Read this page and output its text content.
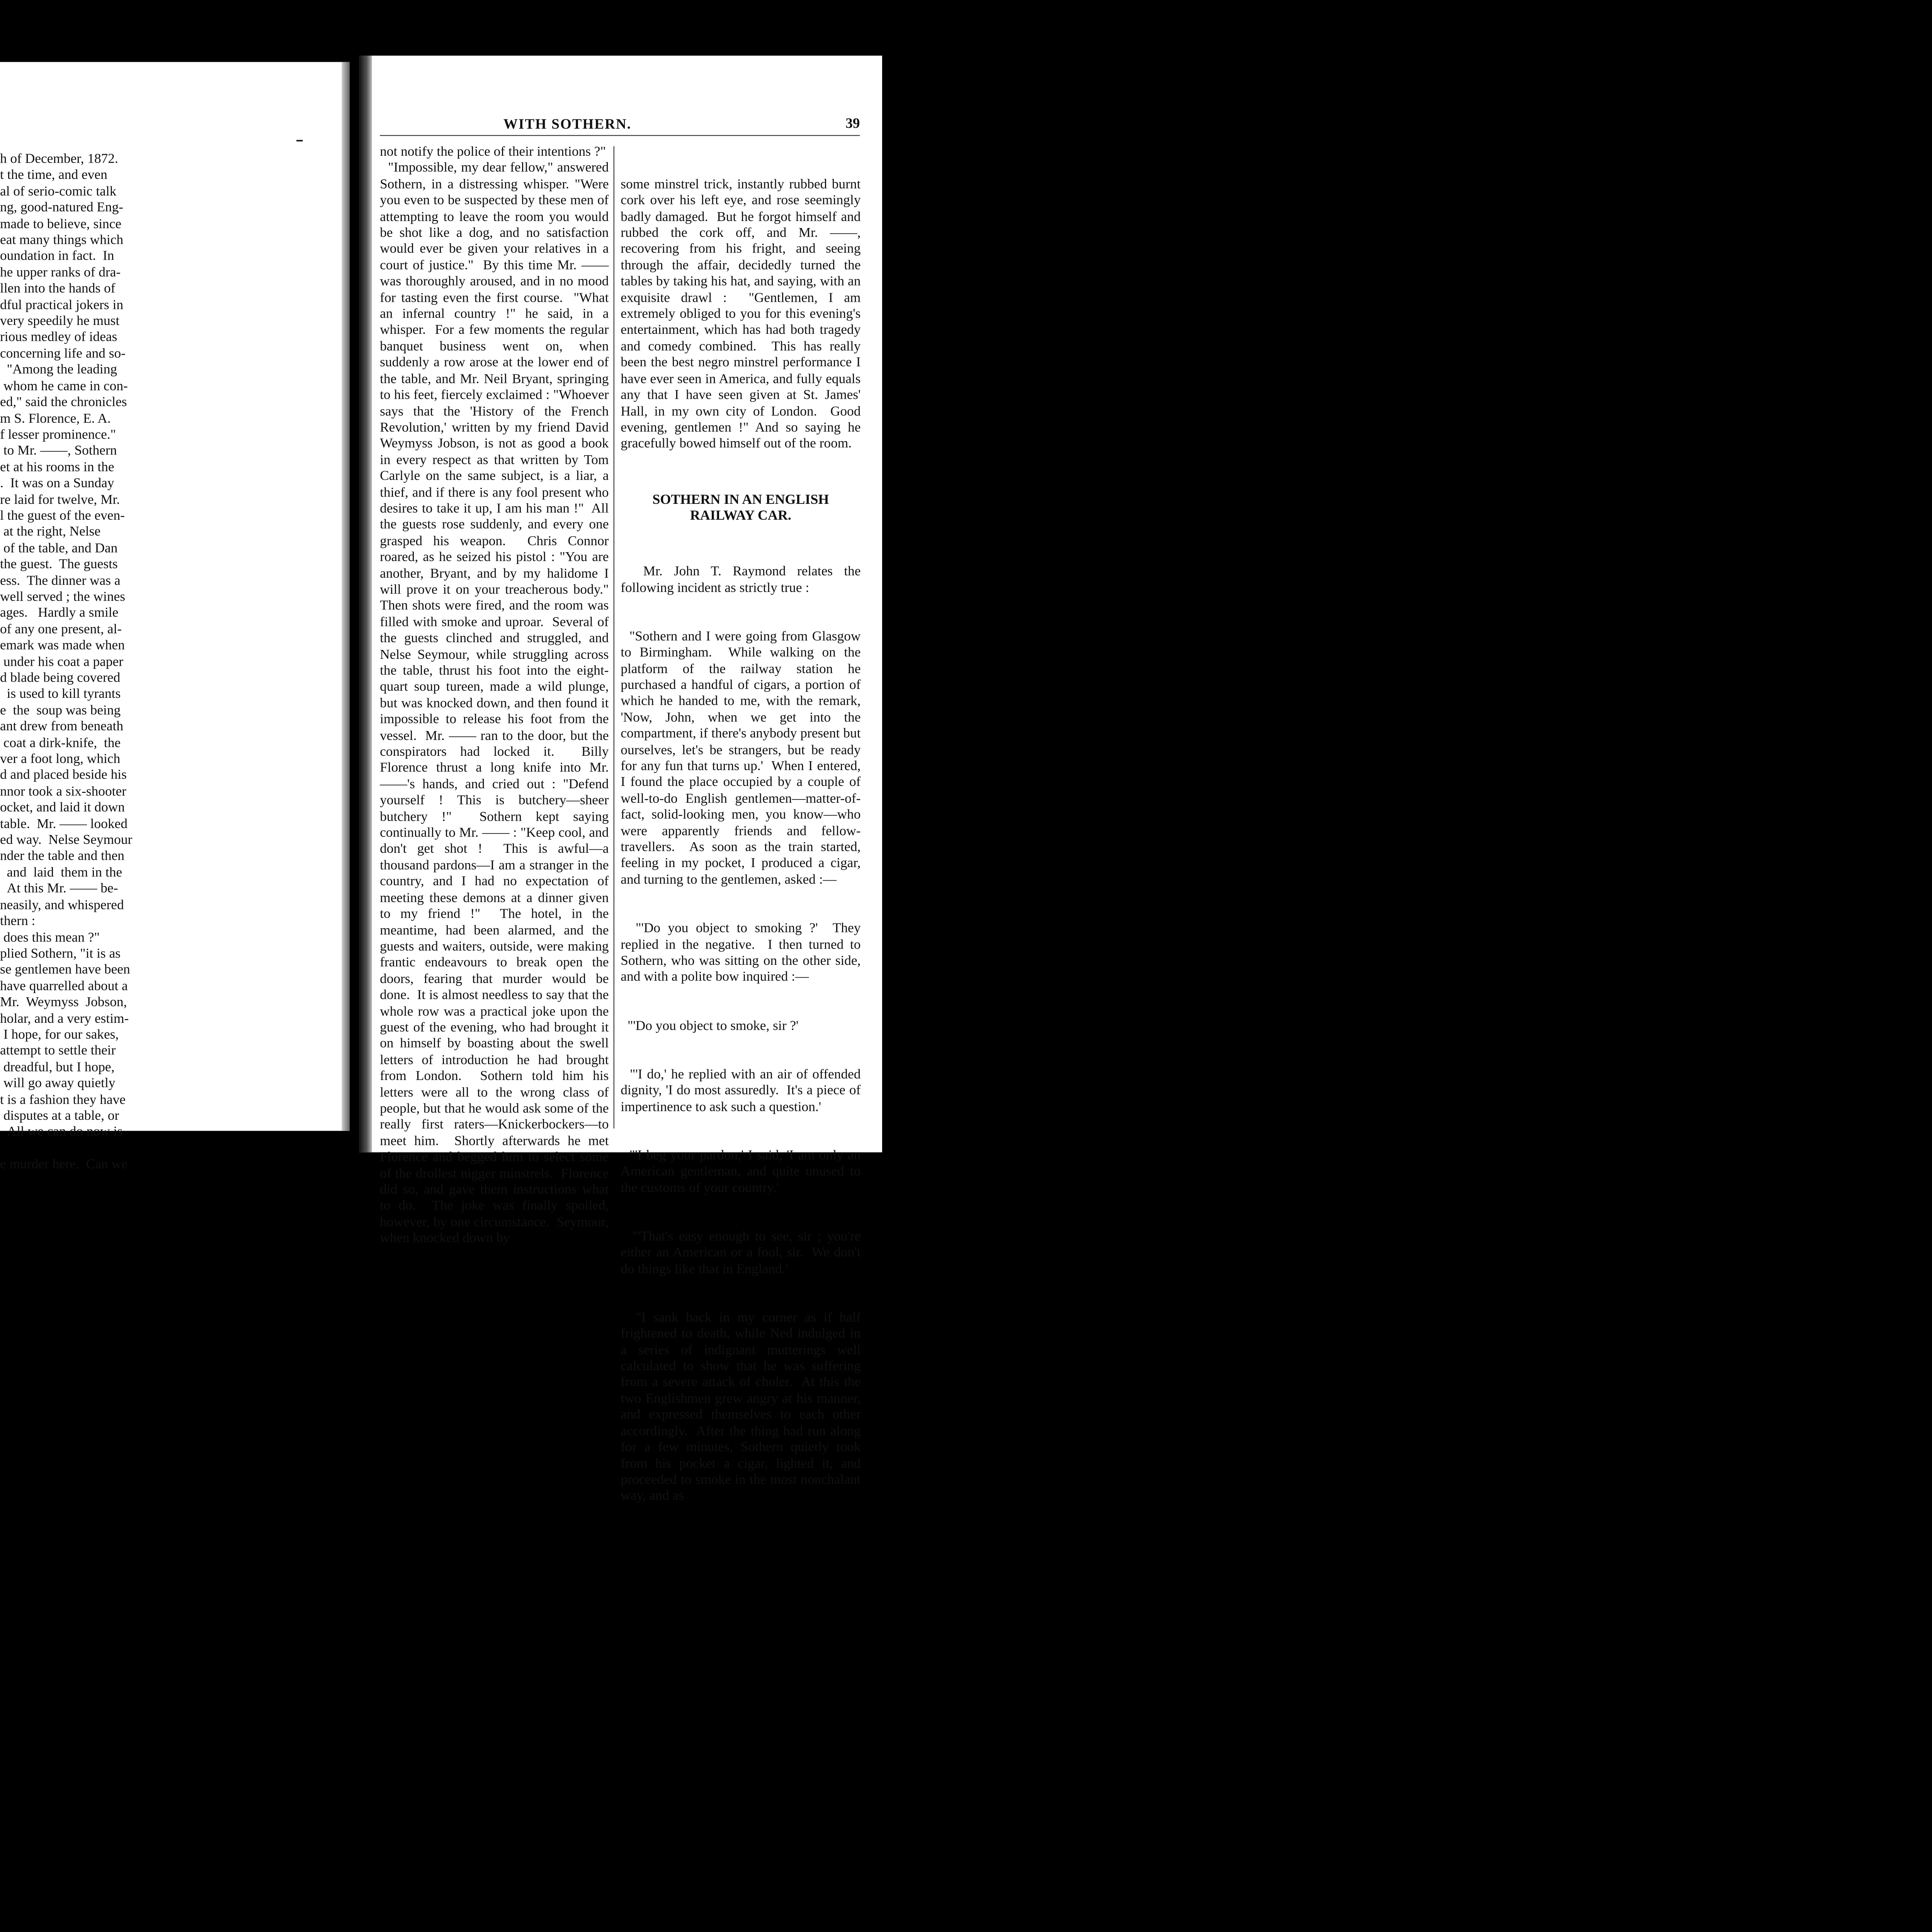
h of December, 1872.
t the time, and even
al of serio-comic talk
ng, good-natured Eng-
made to believe, since
eat many things which
oundation in fact.  In
he upper ranks of dra-
llen into the hands of
dful practical jokers in
very speedily he must
rious medley of ideas
concerning life and so-
"Among the leading
whom he came in con-
ed," said the chronicles
m S. Florence, E. A.
f lesser prominence."
to Mr. ——, Sothern
et at his rooms in the
.  It was on a Sunday
re laid for twelve, Mr.
l the guest of the even-
at the right, Nelse
of the table, and Dan
the guest.  The guests
ess.  The dinner was a
well served ; the wines
ages.   Hardly a smile
of any one present, al-
emark was made when
under his coat a paper
d blade being covered
is used to kill tyrants
e  the  soup was being
ant drew from beneath
coat a dirk-knife,  the
ver a foot long, which
d and placed beside his
nnor took a six-shooter
ocket, and laid it down
table.  Mr. —— looked
ed way.  Nelse Seymour
nder the table and then
and  laid  them in the
At this Mr. —— be-
neasily, and whispered
thern :
does this mean ?"
plied Sothern, "it is as
se gentlemen have been
have quarrelled about a
Mr.  Weymyss  Jobson,
holar, and a very estim-
I hope, for our sakes,
attempt to settle their
dreadful, but I hope,
will go away quietly
t is a fashion they have
disputes at a table, or
All we can do now is

e murder here.  Can we
WITH SOTHERN.	39
not notify the police of their intentions ?"
"Impossible, my dear fellow," answered Sothern, in a distressing whisper. "Were you even to be suspected by these men of attempting to leave the room you would be shot like a dog, and no satisfaction would ever be given your relatives in a court of justice."  By this time Mr. —— was thoroughly aroused, and in no mood for tasting even the first course.  "What an infernal country !" he said, in a whisper.  For a few moments the regular banquet business went on, when suddenly a row arose at the lower end of the table, and Mr. Neil Bryant, springing to his feet, fiercely exclaimed : "Whoever says that the 'History of the French Revolution,' written by my friend David Weymyss Jobson, is not as good a book in every respect as that written by Tom Carlyle on the same subject, is a liar, a thief, and if there is any fool present who desires to take it up, I am his man !"  All the guests rose suddenly, and every one grasped his weapon.  Chris Connor roared, as he seized his pistol : "You are another, Bryant, and by my halidome I will prove it on your treacherous body."  Then shots were fired, and the room was filled with smoke and uproar.  Several of the guests clinched and struggled, and Nelse Seymour, while struggling across the table, thrust his foot into the eight-quart soup tureen, made a wild plunge, but was knocked down, and then found it impossible to release his foot from the vessel.  Mr. —— ran to the door, but the conspirators had locked it.  Billy Florence thrust a long knife into Mr. ——'s hands, and cried out : "Defend yourself ! This is butchery—sheer butchery !"  Sothern kept saying continually to Mr. —— : "Keep cool, and don't get shot !  This is awful—a thousand pardons—I am a stranger in the country, and I had no expectation of meeting these demons at a dinner given to my friend !"  The hotel, in the meantime, had been alarmed, and the guests and waiters, outside, were making frantic endeavours to break open the doors, fearing that murder would be done.  It is almost needless to say that the whole row was a practical joke upon the guest of the evening, who had brought it on himself by boasting about the swell letters of introduction he had brought from London.  Sothern told him his letters were all to the wrong class of people, but that he would ask some of the really first raters—Knickerbockers—to meet him.  Shortly afterwards he met Florence and begged him to select some of the drollest nigger minstrels.  Florence did so, and gave them instructions what to do.  The joke was finally spoiled, however, by one circumstance.  Seymour, when knocked down by

some minstrel trick, instantly rubbed burnt cork over his left eye, and rose seemingly badly damaged.  But he forgot himself and rubbed the cork off, and Mr. ——, recovering from his fright, and seeing through the affair, decidedly turned the tables by taking his hat, and saying, with an exquisite drawl :  "Gentlemen, I am extremely obliged to you for this evening's entertainment, which has had both tragedy and comedy combined.  This has really been the best negro minstrel performance I have ever seen in America, and fully equals any that I have seen given at St. James' Hall, in my own city of London.  Good evening, gentlemen !" And so saying he gracefully bowed himself out of the room.

SOTHERN IN AN ENGLISH RAILWAY CAR.

Mr. John T. Raymond relates the following incident as strictly true :

"Sothern and I were going from Glasgow to Birmingham.  While walking on the platform of the railway station he purchased a handful of cigars, a portion of which he handed to me, with the remark, 'Now, John, when we get into the compartment, if there's anybody present but ourselves, let's be strangers, but be ready for any fun that turns up.'  When I entered, I found the place occupied by a couple of well-to-do English gentlemen—matter-of-fact, solid-looking men, you know—who were apparently friends and fellow-travellers.  As soon as the train started, feeling in my pocket, I produced a cigar, and turning to the gentlemen, asked :—

"'Do you object to smoking ?'  They replied in the negative.  I then turned to Sothern, who was sitting on the other side, and with a polite bow inquired :—

"'Do you object to smoke, sir ?'

"'I do,' he replied with an air of offended dignity, 'I do most assuredly.  It's a piece of impertinence to ask such a question.'

"'I beg your pardon,' I said, 'I am only an American gentleman, and quite unused to the customs of your country.'

"'That's easy enough to see, sir ; you're either an American or a fool, sir.  We don't do things like that in England.'

"I sank back in my corner as if half frightened to death, while Ned indulged in a series of indignant mutterings well calculated to show that he was suffering from a severe attack of choler.  At this the two Englishmen grew angry at his manner, and expressed themselves to each other accordingly.  After the thing had run along for a few minutes, Sothern quietly took from his pocket a cigar, lighted it, and proceeded to smoke in the most nonchalant way, and as
